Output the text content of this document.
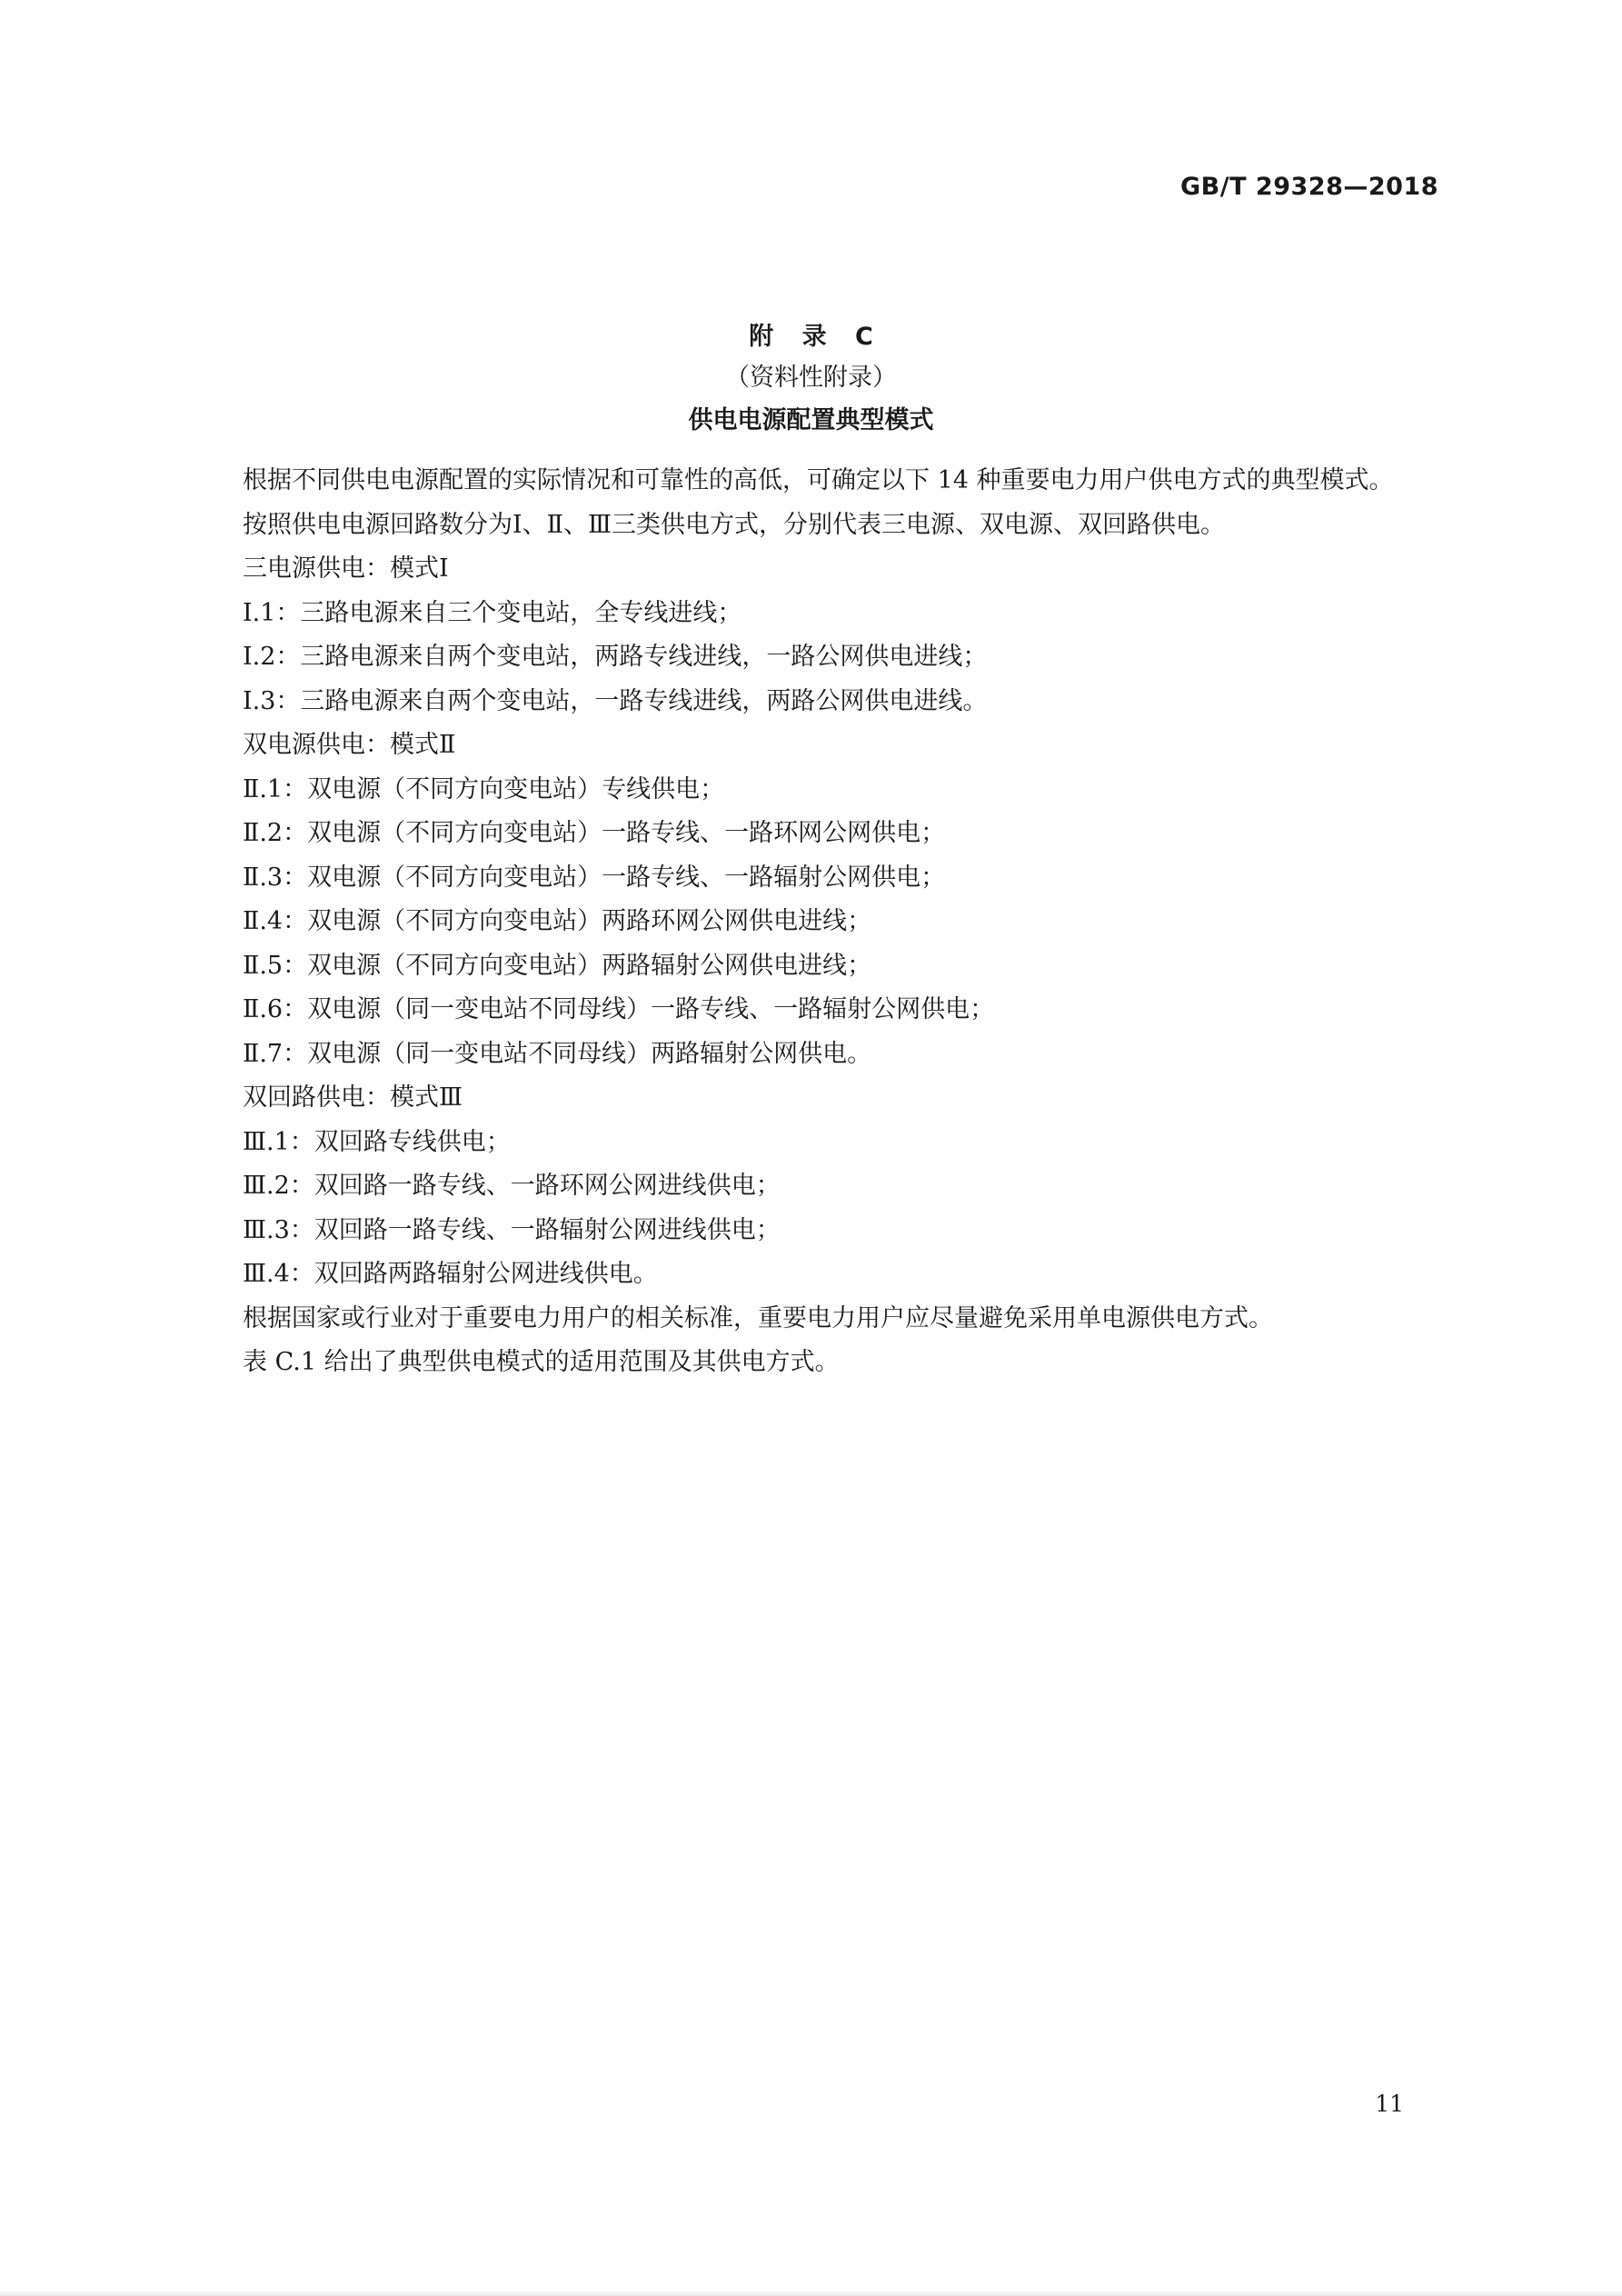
GB/T 29328—2018
附 录 C
（资料性附录）
供电电源配置典型模式

根据不同供电电源配置的实际情况和可靠性的高低，可确定以下 14 种重要电力用户供电方式的典型模式。

按照供电电源回路数分为Ⅰ、Ⅱ、Ⅲ三类供电方式，分别代表三电源、双电源、双回路供电。

三电源供电：模式Ⅰ

Ⅰ.1：三路电源来自三个变电站，全专线进线；

Ⅰ.2：三路电源来自两个变电站，两路专线进线，一路公网供电进线；

Ⅰ.3：三路电源来自两个变电站，一路专线进线，两路公网供电进线。

双电源供电：模式Ⅱ

Ⅱ.1：双电源（不同方向变电站）专线供电；

Ⅱ.2：双电源（不同方向变电站）一路专线、一路环网公网供电；

Ⅱ.3：双电源（不同方向变电站）一路专线、一路辐射公网供电；

Ⅱ.4：双电源（不同方向变电站）两路环网公网供电进线；

Ⅱ.5：双电源（不同方向变电站）两路辐射公网供电进线；

Ⅱ.6：双电源（同一变电站不同母线）一路专线、一路辐射公网供电；

Ⅱ.7：双电源（同一变电站不同母线）两路辐射公网供电。

双回路供电：模式Ⅲ

Ⅲ.1：双回路专线供电；

Ⅲ.2：双回路一路专线、一路环网公网进线供电；

Ⅲ.3：双回路一路专线、一路辐射公网进线供电；

Ⅲ.4：双回路两路辐射公网进线供电。

根据国家或行业对于重要电力用户的相关标准，重要电力用户应尽量避免采用单电源供电方式。

表 C.1 给出了典型供电模式的适用范围及其供电方式。

11
